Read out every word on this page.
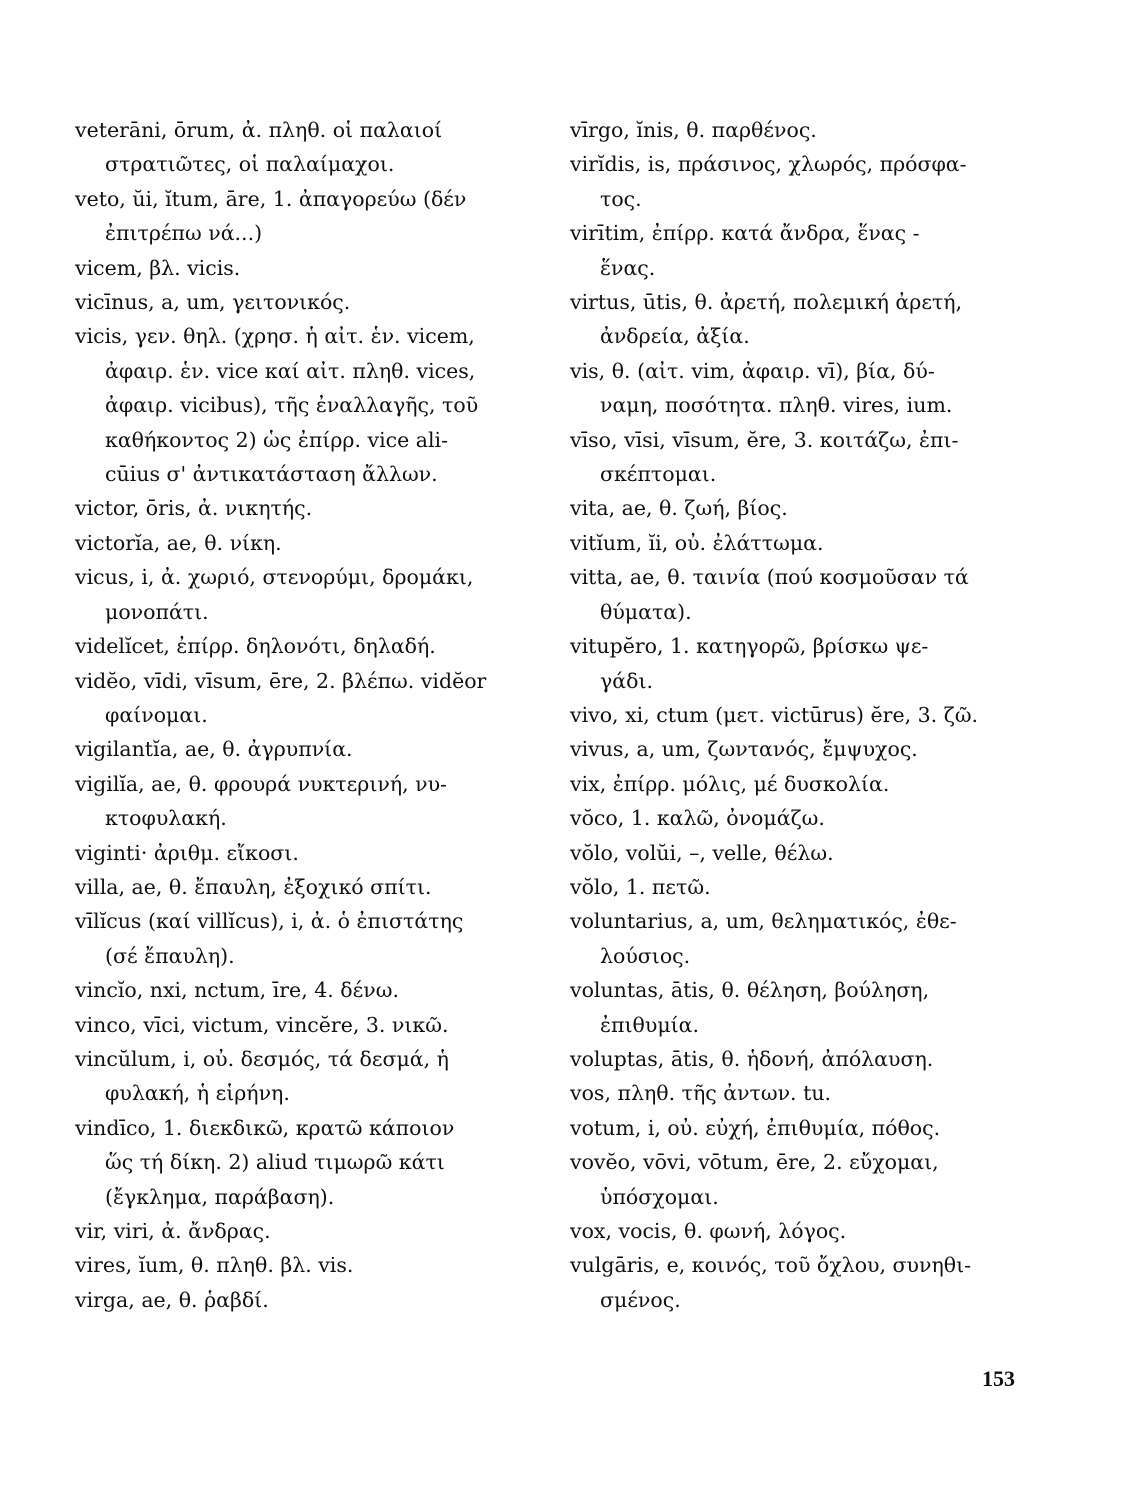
veterāni, ōrum, ἀ. πληθ. οἱ παλαιοί
στρατιῶτες, οἱ παλαίμαχοι.
veto, ŭi, ĭtum, āre, 1. ἀπαγορεύω (δέν
ἐπιτρέπω νά...)
vicem, βλ. vicis.
vicīnus, a, um, γειτονικός.
vicis, γεν. θηλ. (χρησ. ἡ αἰτ. ἑν. vicem,
ἀφαιρ. ἑν. vice καί αἰτ. πληθ. vices,
ἀφαιρ. vicibus), τῆς ἐναλλαγῆς, τοῦ
καθήκοντος 2) ὡς ἐπίρρ. vice ali-
cūius σ' ἀντικατάσταση ἄλλων.
victor, ōris, ἀ. νικητής.
victorĭa, ae, θ. νίκη.
vicus, i, ἀ. χωριό, στενορύμι, δρομάκι,
μονοπάτι.
videlĭcet, ἐπίρρ. δηλονότι, δηλαδή.
vidĕo, vīdi, vīsum, ēre, 2. βλέπω. vidĕor
φαίνομαι.
vigilantĭa, ae, θ. ἀγρυπνία.
vigilĭa, ae, θ. φρουρά νυκτερινή, νυ-
κτοφυλακή.
viginti· ἀριθμ. εἴκοσι.
villa, ae, θ. ἔπαυλη, ἐξοχικό σπίτι.
vīlĭcus (καί villĭcus), i, ἀ. ὁ ἐπιστάτης
(σέ ἔπαυλη).
vincĭo, nxi, nctum, īre, 4. δένω.
vinco, vīci, victum, vincĕre, 3. νικῶ.
vincŭlum, i, οὐ. δεσμός, τά δεσμά, ἡ
φυλακή, ἡ εἱρήνη.
vindīco, 1. διεκδικῶ, κρατῶ κάποιον
ὥς τή δίκη. 2) aliud τιμωρῶ κάτι
(ἔγκλημα, παράβαση).
vir, viri, ἀ. ἄνδρας.
vires, ĭum, θ. πληθ. βλ. vis.
virga, ae, θ. ῥαβδί.
vīrgo, ĭnis, θ. παρθένος.
virĭdis, is, πράσινος, χλωρός, πρόσφα-
τος.
virītim, ἐπίρρ. κατά ἄνδρα, ἕνας -
ἕνας.
virtus, ūtis, θ. ἀρετή, πολεμική ἀρετή,
ἀνδρεία, ἀξία.
vis, θ. (αἰτ. vim, ἀφαιρ. vī), βία, δύ-
ναμη, ποσότητα. πληθ. vires, ium.
vīso, vīsi, vīsum, ĕre, 3. κοιτάζω, ἐπι-
σκέπτομαι.
vita, ae, θ. ζωή, βίος.
vitĭum, ĭi, οὐ. ἐλάττωμα.
vitta, ae, θ. ταινία (πού κοσμοῦσαν τά
θύματα).
vitupĕro, 1. κατηγορῶ, βρίσκω ψε-
γάδι.
vivo, xi, ctum (μετ. victūrus) ĕre, 3. ζῶ.
vivus, a, um, ζωντανός, ἔμψυχος.
vix, ἐπίρρ. μόλις, μέ δυσκολία.
vŏco, 1. καλῶ, ὀνομάζω.
vŏlo, volŭi, –, velle, θέλω.
vŏlo, 1. πετῶ.
voluntarius, a, um, θεληματικός, ἐθε-
λούσιος.
voluntas, ātis, θ. θέληση, βούληση,
ἐπιθυμία.
voluptas, ātis, θ. ἡδονή, ἀπόλαυση.
vos, πληθ. τῆς ἀντων. tu.
votum, i, οὐ. εὐχή, ἐπιθυμία, πόθος.
vovĕo, vōvi, vōtum, ēre, 2. εὔχομαι,
ὑπόσχομαι.
vox, vocis, θ. φωνή, λόγος.
vulgāris, e, κοινός, τοῦ ὄχλου, συνηθι-
σμένος.
153
